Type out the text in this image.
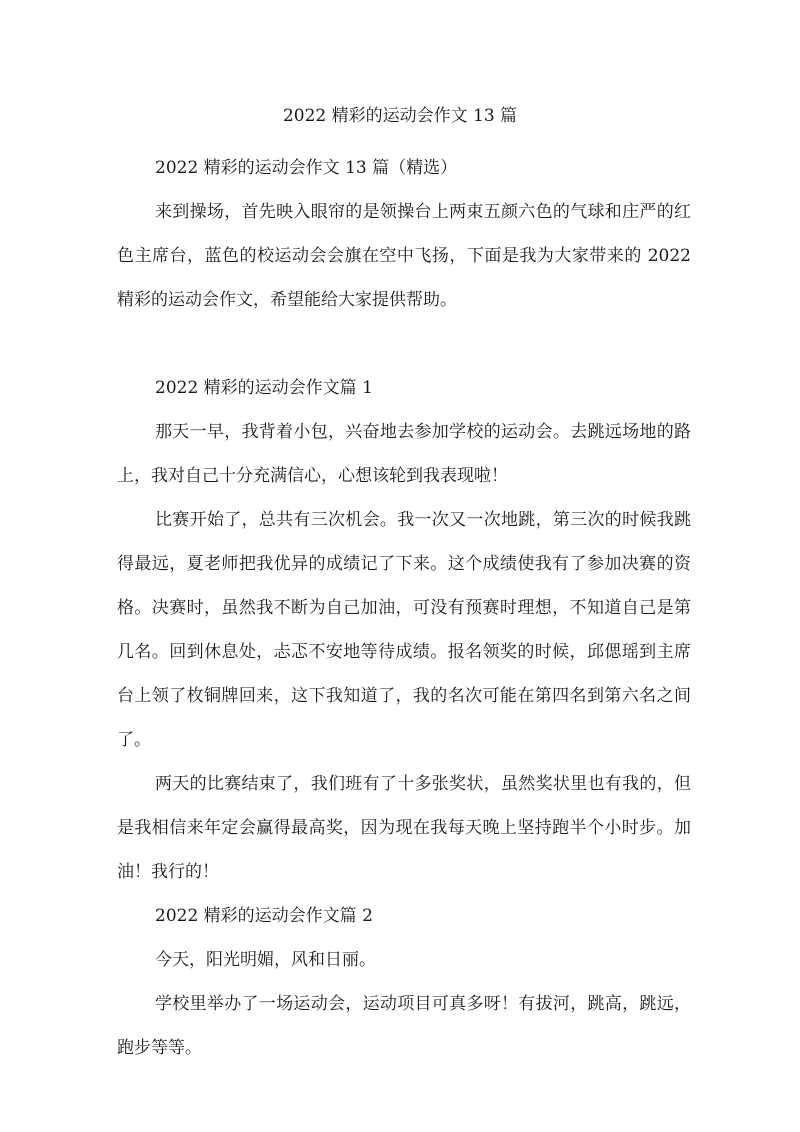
2022 精彩的运动会作文 13 篇

2022 精彩的运动会作文 13 篇（精选）

来到操场，首先映入眼帘的是领操台上两束五颜六色的气球和庄严的红色主席台，蓝色的校运动会会旗在空中飞扬，下面是我为大家带来的 2022 精彩的运动会作文，希望能给大家提供帮助。

2022 精彩的运动会作文篇 1

那天一早，我背着小包，兴奋地去参加学校的运动会。去跳远场地的路上，我对自己十分充满信心，心想该轮到我表现啦！

比赛开始了，总共有三次机会。我一次又一次地跳，第三次的时候我跳得最远，夏老师把我优异的成绩记了下来。这个成绩使我有了参加决赛的资格。决赛时，虽然我不断为自己加油，可没有预赛时理想，不知道自己是第几名。回到休息处，忐忑不安地等待成绩。报名领奖的时候，邱偲瑶到主席台上领了枚铜牌回来，这下我知道了，我的名次可能在第四名到第六名之间了。

两天的比赛结束了，我们班有了十多张奖状，虽然奖状里也有我的，但是我相信来年定会赢得最高奖，因为现在我每天晚上坚持跑半个小时步。加油！我行的！

2022 精彩的运动会作文篇 2

今天，阳光明媚，风和日丽。

学校里举办了一场运动会，运动项目可真多呀！有拔河，跳高，跳远，跑步等等。
